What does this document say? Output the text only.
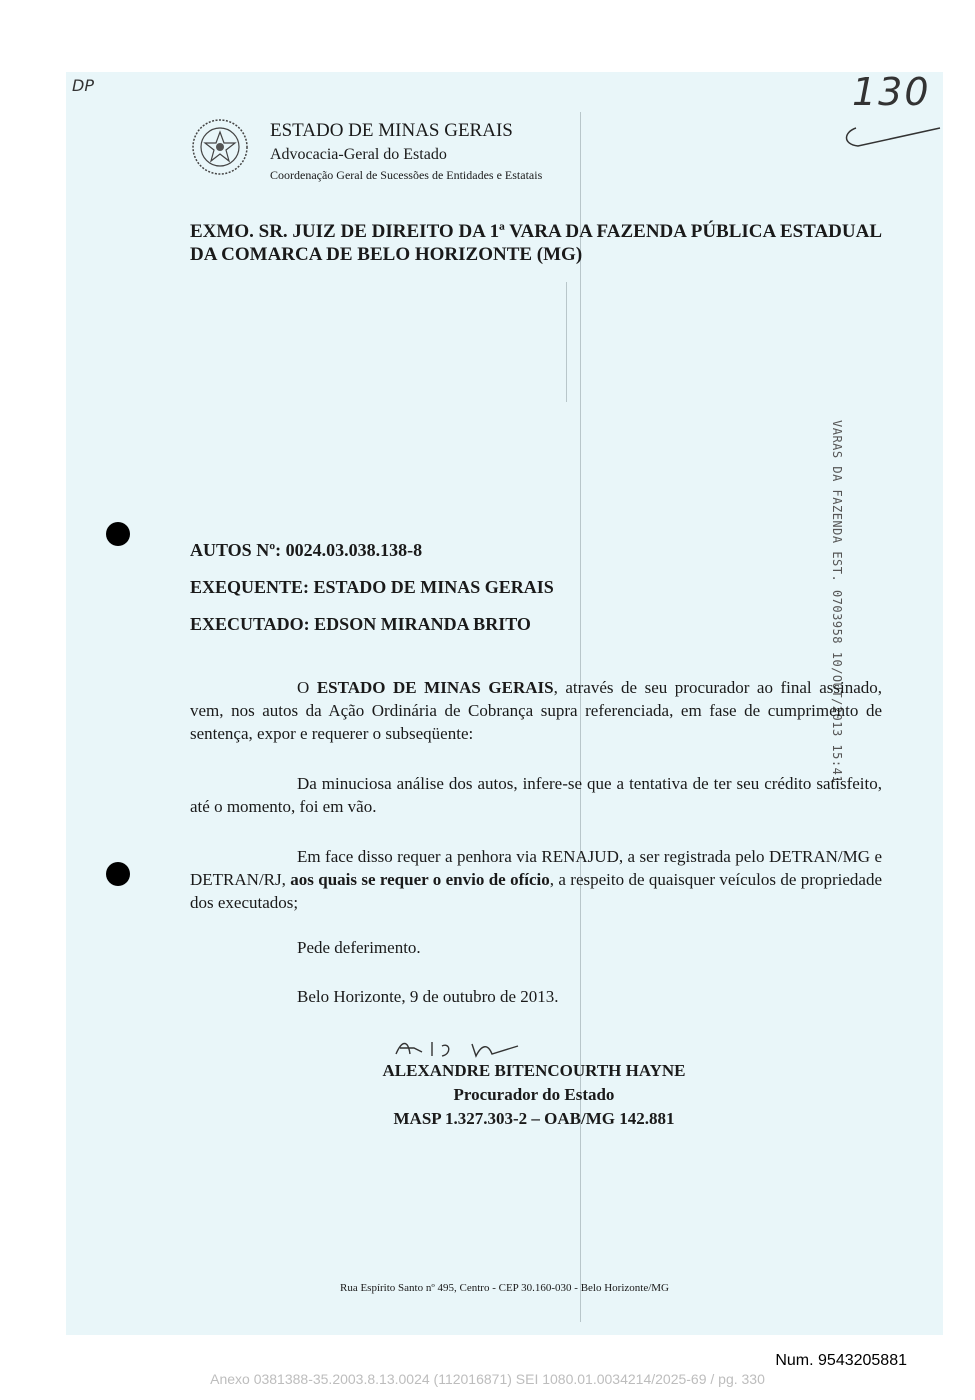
DP	130
ESTADO DE MINAS GERAIS
Advocacia-Geral do Estado
Coordenação Geral de Sucessões de Entidades e Estatais
EXMO. SR. JUIZ DE DIREITO DA 1ª VARA DA FAZENDA PÚBLICA ESTADUAL DA COMARCA DE BELO HORIZONTE (MG)
VARAS DA FAZENDA EST. 0703958 10/OUT/2013 15:41
AUTOS Nº: 0024.03.038.138-8
EXEQUENTE: ESTADO DE MINAS GERAIS
EXECUTADO: EDSON MIRANDA BRITO
O ESTADO DE MINAS GERAIS, através de seu procurador ao final assinado, vem, nos autos da Ação Ordinária de Cobrança supra referenciada, em fase de cumprimento de sentença, expor e requerer o subseqüente:
Da minuciosa análise dos autos, infere-se que a tentativa de ter seu crédito satisfeito, até o momento, foi em vão.
Em face disso requer a penhora via RENAJUD, a ser registrada pelo DETRAN/MG e DETRAN/RJ, aos quais se requer o envio de ofício, a respeito de quaisquer veículos de propriedade dos executados;
Pede deferimento.
Belo Horizonte, 9 de outubro de 2013.
ALEXANDRE BITENCOURTH HAYNE
Procurador do Estado
MASP 1.327.303-2 – OAB/MG 142.881
Rua Espírito Santo nº 495, Centro - CEP 30.160-030 - Belo Horizonte/MG
Num. 9543205881
Anexo 0381388-35.2003.8.13.0024 (112016871) SEI 1080.01.0034214/2025-69 / pg. 330
